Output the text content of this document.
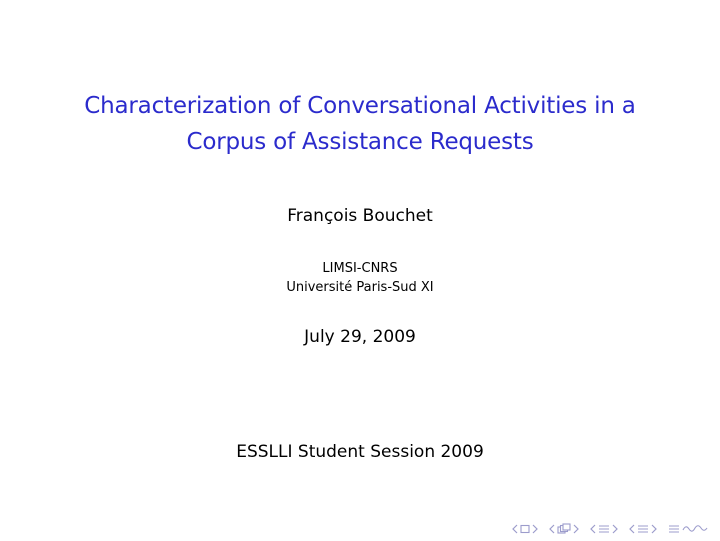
Characterization of Conversational Activities in a
Corpus of Assistance Requests
François Bouchet
LIMSI-CNRS
Université Paris-Sud XI
July 29, 2009
ESSLLI Student Session 2009
